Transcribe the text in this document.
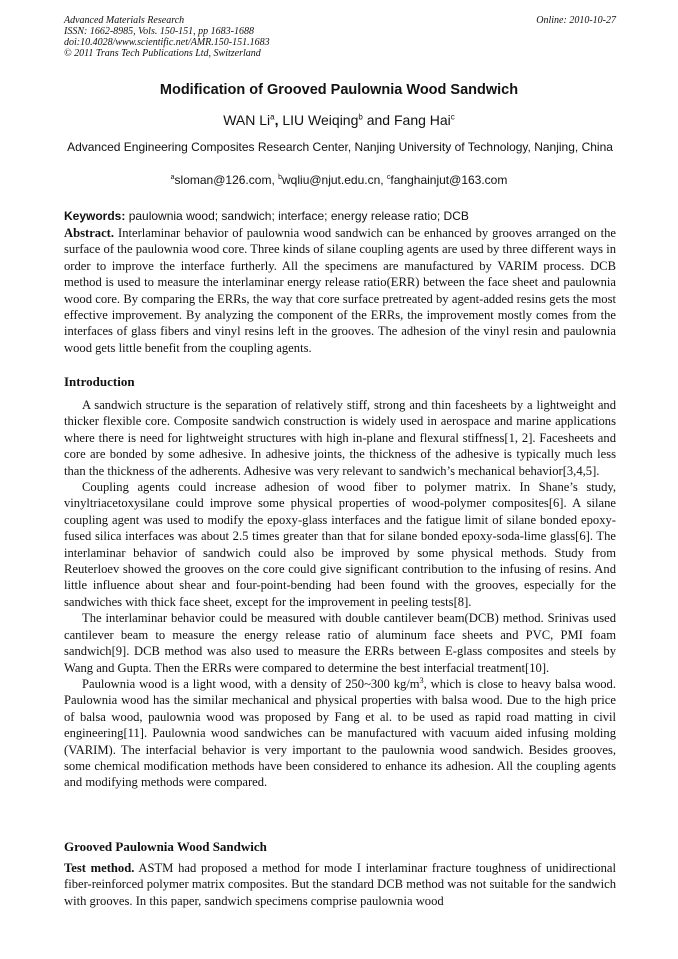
Advanced Materials Research
ISSN: 1662-8985, Vols. 150-151, pp 1683-1688
doi:10.4028/www.scientific.net/AMR.150-151.1683
© 2011 Trans Tech Publications Ltd, Switzerland
Online: 2010-10-27
Modification of Grooved Paulownia Wood Sandwich
WAN Li$^a$, LIU Weiqing$^b$ and Fang Hai$^c$
Advanced Engineering Composites Research Center, Nanjing University of Technology, Nanjing, China
$^a$sloman@126.com, $^b$wqliu@njut.edu.cn, $^c$fanghainjut@163.com
Keywords: paulownia wood; sandwich; interface; energy release ratio; DCB

Abstract. Interlaminar behavior of paulownia wood sandwich can be enhanced by grooves arranged on the surface of the paulownia wood core. Three kinds of silane coupling agents are used by three different ways in order to improve the interface furtherly. All the specimens are manufactured by VARIM process. DCB method is used to measure the interlaminar energy release ratio(ERR) between the face sheet and paulownia wood core. By comparing the ERRs, the way that core surface pretreated by agent-added resins gets the most effective improvement. By analyzing the component of the ERRs, the improvement mostly comes from the interfaces of glass fibers and vinyl resins left in the grooves. The adhesion of the vinyl resin and paulownia wood gets little benefit from the coupling agents.

Introduction

A sandwich structure is the separation of relatively stiff, strong and thin facesheets by a lightweight and thicker flexible core. Composite sandwich construction is widely used in aerospace and marine applications where there is need for lightweight structures with high in-plane and flexural stiffness[1, 2]. Facesheets and core are bonded by some adhesive. In adhesive joints, the thickness of the adhesive is typically much less than the thickness of the adherents. Adhesive was very relevant to sandwich’s mechanical behavior[3,4,5].

Coupling agents could increase adhesion of wood fiber to polymer matrix. In Shane’s study, vinyltriacetoxysilane could improve some physical properties of wood-polymer composites[6]. A silane coupling agent was used to modify the epoxy-glass interfaces and the fatigue limit of silane bonded epoxy-fused silica interfaces was about 2.5 times greater than that for silane bonded epoxy-soda-lime glass[6]. The interlaminar behavior of sandwich could also be improved by some physical methods. Study from Reuterloev showed the grooves on the core could give significant contribution to the infusing of resins. And little influence about shear and four-point-bending had been found with the grooves, especially for the sandwiches with thick face sheet, except for the improvement in peeling tests[8].

The interlaminar behavior could be measured with double cantilever beam(DCB) method. Srinivas used cantilever beam to measure the energy release ratio of aluminum face sheets and PVC, PMI foam sandwich[9]. DCB method was also used to measure the ERRs between E-glass composites and steels by Wang and Gupta. Then the ERRs were compared to determine the best interfacial treatment[10].

Paulownia wood is a light wood, with a density of 250~300 $kg/m^3$, which is close to heavy balsa wood. Paulownia wood has the similar mechanical and physical properties with balsa wood. Due to the high price of balsa wood, paulownia wood was proposed by Fang et al. to be used as rapid road matting in civil engineering[11]. Paulownia wood sandwiches can be manufactured with vacuum aided infusing molding (VARIM). The interfacial behavior is very important to the paulownia wood sandwich. Besides grooves, some chemical modification methods have been considered to enhance its adhesion. All the coupling agents and modifying methods were compared.

Grooved Paulownia Wood Sandwich

Test method. ASTM had proposed a method for mode I interlaminar fracture toughness of unidirectional fiber-reinforced polymer matrix composites. But the standard DCB method was not suitable for the sandwich with grooves. In this paper, sandwich specimens comprise paulownia wood
